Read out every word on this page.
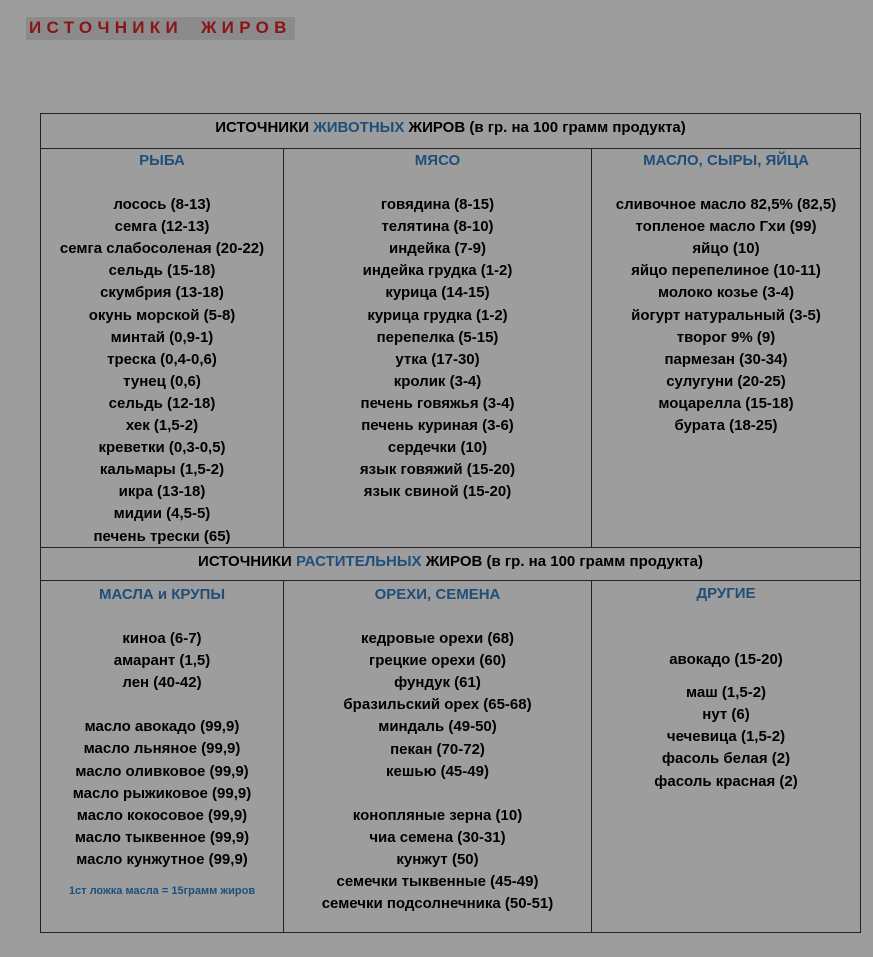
ИСТОЧНИКИ ЖИРОВ
ИСТОЧНИКИ ЖИВОТНЫХ ЖИРОВ (в гр. на 100 грамм продукта)
РЫБА
лосось (8-13)
семга (12-13)
семга слабосоленая (20-22)
сельдь (15-18)
скумбрия (13-18)
окунь морской (5-8)
минтай (0,9-1)
треска (0,4-0,6)
тунец (0,6)
сельдь (12-18)
хек (1,5-2)
креветки (0,3-0,5)
кальмары (1,5-2)
икра (13-18)
мидии (4,5-5)
печень трески (65)
МЯСО
говядина (8-15)
телятина (8-10)
индейка (7-9)
индейка грудка (1-2)
курица (14-15)
курица грудка (1-2)
перепелка (5-15)
утка (17-30)
кролик (3-4)
печень говяжья (3-4)
печень куриная (3-6)
сердечки (10)
язык говяжий (15-20)
язык свиной (15-20)
МАСЛО, СЫРЫ, ЯЙЦА
сливочное масло 82,5% (82,5)
топленое масло Гхи (99)
яйцо (10)
яйцо перепелиное (10-11)
молоко козье (3-4)
йогурт натуральный (3-5)
творог 9% (9)
пармезан (30-34)
сулугуни (20-25)
моцарелла (15-18)
бурата (18-25)
ИСТОЧНИКИ РАСТИТЕЛЬНЫХ ЖИРОВ (в гр. на 100 грамм продукта)
МАСЛА и КРУПЫ
киноа (6-7)
амарант (1,5)
лен (40-42)
масло авокадо (99,9)
масло льняное (99,9)
масло оливковое (99,9)
масло рыжиковое (99,9)
масло кокосовое (99,9)
масло тыквенное (99,9)
масло кунжутное (99,9)
1ст ложка масла = 15грамм жиров
ОРЕХИ, СЕМЕНА
кедровые орехи (68)
грецкие орехи (60)
фундук (61)
бразильский орех (65-68)
миндаль (49-50)
пекан (70-72)
кешью (45-49)
конопляные зерна (10)
чиа семена (30-31)
кунжут (50)
семечки тыквенные (45-49)
семечки подсолнечника (50-51)
ДРУГИЕ
авокадо (15-20)
маш (1,5-2)
нут (6)
чечевица (1,5-2)
фасоль белая (2)
фасоль красная (2)
